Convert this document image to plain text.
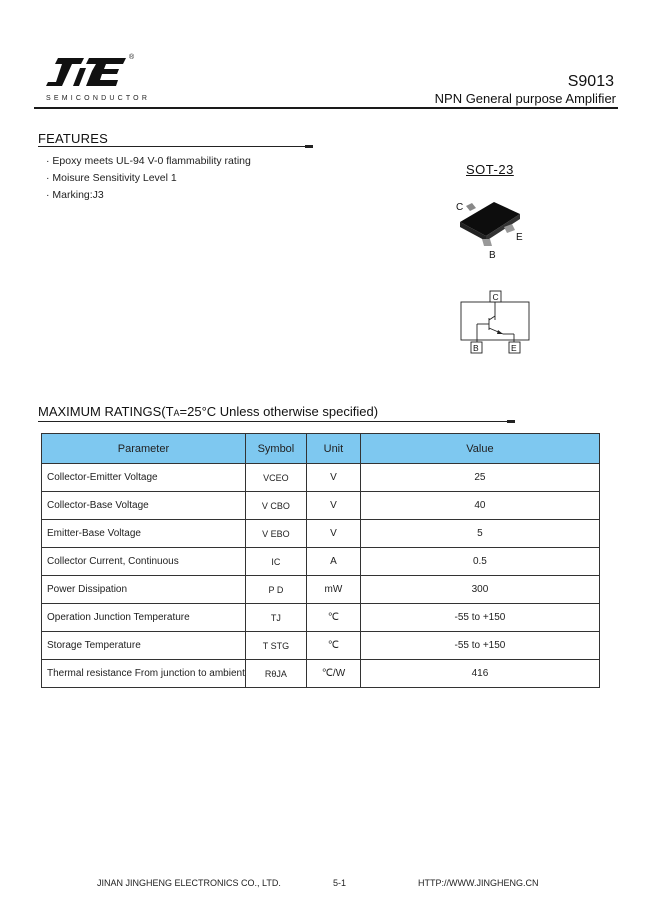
®
SEMICONDUCTOR
S9013
NPN General purpose Amplifier
FEATURES
· Epoxy meets UL-94 V-0 flammability rating
· Moisure Sensitivity Level 1
· Marking:J3
SOT-23
C
B
E
C
B	E
MAXIMUM RATINGS(TA=25°C Unless otherwise specified)
Parameter	Symbol	Unit	Value
Collector-Emitter Voltage	VCEO	V	25
Collector-Base Voltage	V CBO	V	40
Emitter-Base Voltage	V EBO	V	5
Collector Current, Continuous	IC	A	0.5
Power Dissipation	P D	mW	300
Operation Junction Temperature	TJ	℃	-55 to +150
Storage Temperature	T STG	℃	-55 to +150
Thermal resistance From junction to ambient	RθJA	℃/W	416
JINAN JINGHENG ELECTRONICS CO., LTD.	5-1	HTTP://WWW.JINGHENG.CN
